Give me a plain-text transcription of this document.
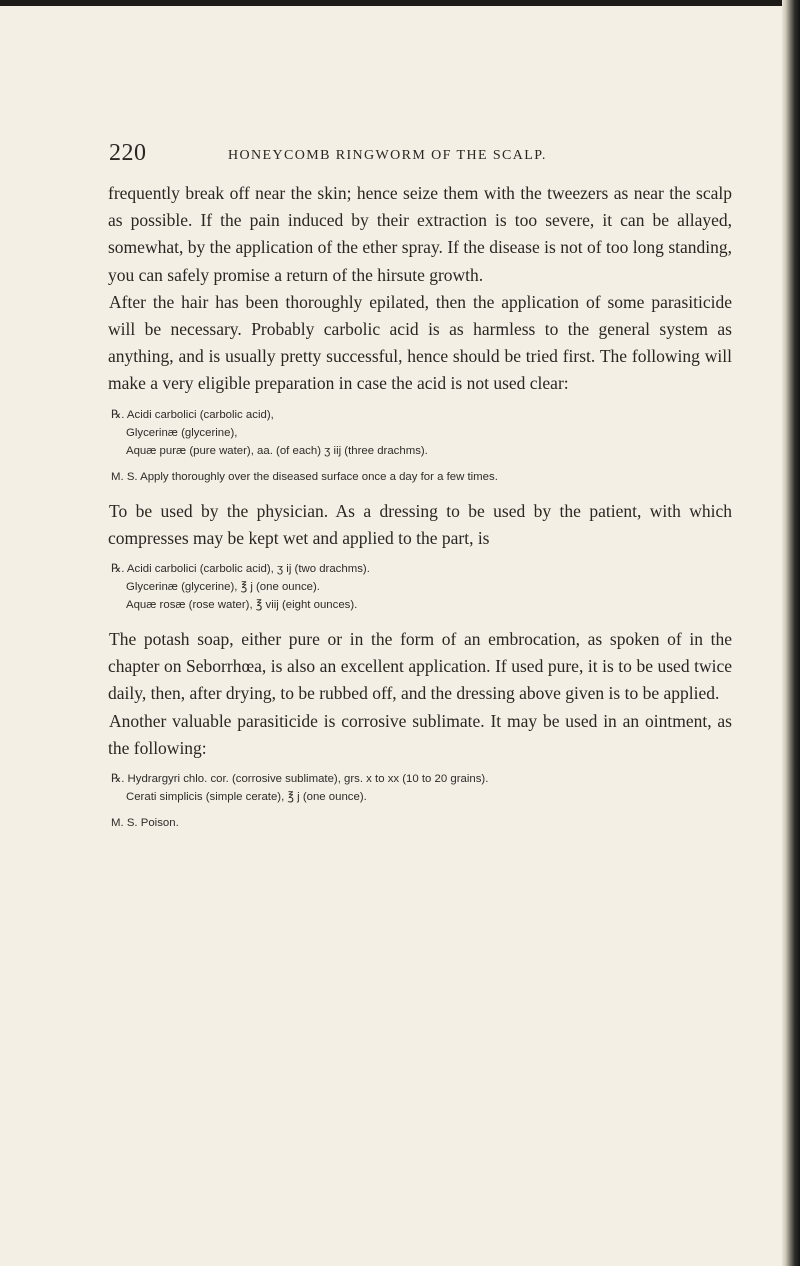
220	HONEYCOMB RINGWORM OF THE SCALP.

frequently break off near the skin; hence seize them with the tweezers as near the scalp as possible. If the pain induced by their extraction is too severe, it can be allayed, somewhat, by the application of the ether spray. If the disease is not of too long standing, you can safely promise a return of the hirsute growth.

After the hair has been thoroughly epilated, then the application of some parasiticide will be necessary. Probably carbolic acid is as harmless to the general system as anything, and is usually pretty successful, hence should be tried first. The following will make a very eligible preparation in case the acid is not used clear:

℞. Acidi carbolici (carbolic acid),

Glycerinæ (glycerine),

Aquæ puræ (pure water), aa. (of each) ʒ iij (three drachms).

M. S. Apply thoroughly over the diseased surface once a day for a few times.

To be used by the physician. As a dressing to be used by the patient, with which compresses may be kept wet and applied to the part, is

℞. Acidi carbolici (carbolic acid), ʒ ij (two drachms).

Glycerinæ (glycerine), ℥ j (one ounce).

Aquæ rosæ (rose water), ℥ viij (eight ounces).

The potash soap, either pure or in the form of an embrocation, as spoken of in the chapter on Seborrhœa, is also an excellent application. If used pure, it is to be used twice daily, then, after drying, to be rubbed off, and the dressing above given is to be applied.

Another valuable parasiticide is corrosive sublimate. It may be used in an ointment, as the following:

℞. Hydrargyri chlo. cor. (corrosive sublimate), grs. x to xx (10 to 20 grains).

Cerati simplicis (simple cerate), ℥ j (one ounce).

M. S. Poison.
